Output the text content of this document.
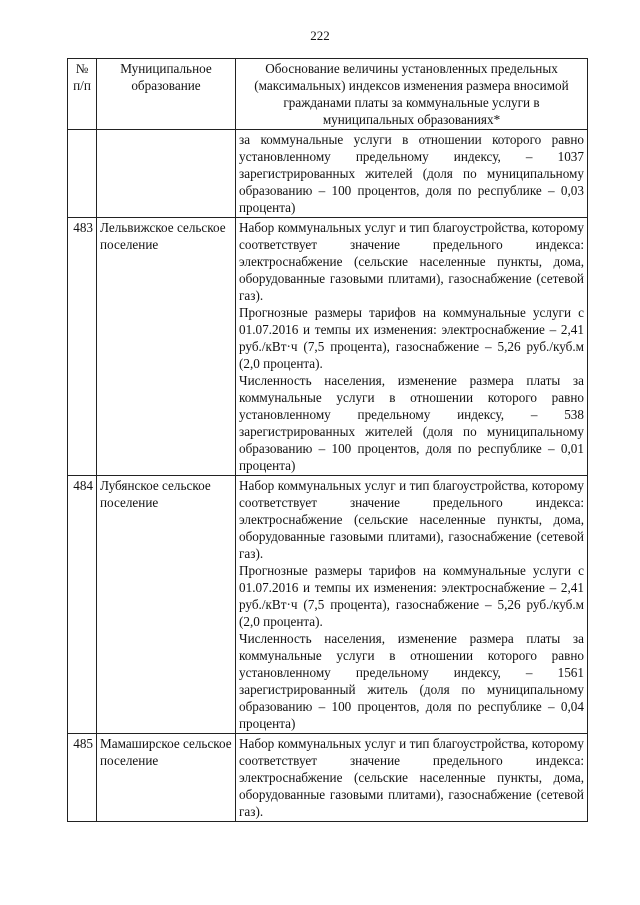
222
№ п/п	Муниципальное образование	Обоснование величины установленных предельных (максимальных) индексов изменения размера вносимой гражданами платы за коммунальные услуги в муниципальных образованиях*

		за коммунальные услуги в отношении которого равно установленному предельному индексу, – 1037 зарегистрированных жителей (доля по муниципальному образованию – 100 процентов, доля по республике – 0,03 процента)

483	Лельвижское сельское поселение	Набор коммунальных услуг и тип благоустройства, которому соответствует значение предельного индекса: электроснабжение (сельские населенные пункты, дома, оборудованные газовыми плитами), газоснабжение (сетевой газ).

Прогнозные размеры тарифов на коммунальные услуги с 01.07.2016 и темпы их изменения: электроснабжение – 2,41 руб./кВт·ч (7,5 процента), газоснабжение – 5,26 руб./куб.м (2,0 процента).

Численность населения, изменение размера платы за коммунальные услуги в отношении которого равно установленному предельному индексу, – 538 зарегистрированных жителей (доля по муниципальному образованию – 100 процентов, доля по республике – 0,01 процента)

484	Лубянское сельское поселение	Набор коммунальных услуг и тип благоустройства, которому соответствует значение предельного индекса: электроснабжение (сельские населенные пункты, дома, оборудованные газовыми плитами), газоснабжение (сетевой газ).

Прогнозные размеры тарифов на коммунальные услуги с 01.07.2016 и темпы их изменения: электроснабжение – 2,41 руб./кВт·ч (7,5 процента), газоснабжение – 5,26 руб./куб.м (2,0 процента).

Численность населения, изменение размера платы за коммунальные услуги в отношении которого равно установленному предельному индексу, – 1561 зарегистрированный житель (доля по муниципальному образованию – 100 процентов, доля по республике – 0,04 процента)

485	Мамаширское сельское поселение	Набор коммунальных услуг и тип благоустройства, которому соответствует значение предельного индекса: электроснабжение (сельские населенные пункты, дома, оборудованные газовыми плитами), газоснабжение (сетевой газ).
